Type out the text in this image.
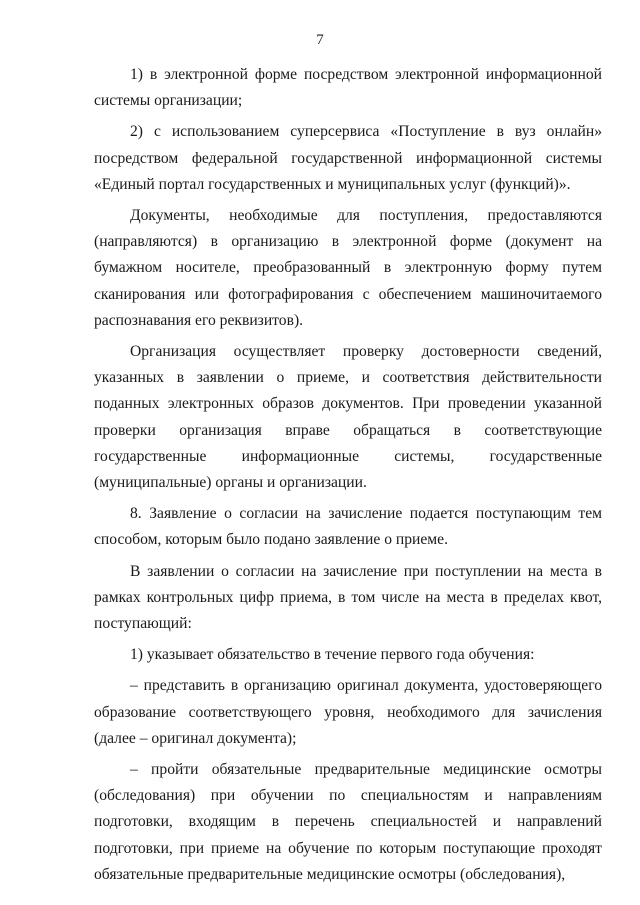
7

1) в электронной форме посредством электронной информационной системы организации;

2) с использованием суперсервиса «Поступление в вуз онлайн» посредством федеральной государственной информационной системы «Единый портал государственных и муниципальных услуг (функций)».

Документы, необходимые для поступления, предоставляются (направляются) в организацию в электронной форме (документ на бумажном носителе, преобразованный в электронную форму путем сканирования или фотографирования с обеспечением машиночитаемого распознавания его реквизитов).

Организация осуществляет проверку достоверности сведений, указанных в заявлении о приеме, и соответствия действительности поданных электронных образов документов. При проведении указанной проверки организация вправе обращаться в соответствующие государственные информационные системы, государственные (муниципальные) органы и организации.

8. Заявление о согласии на зачисление подается поступающим тем способом, которым было подано заявление о приеме.

В заявлении о согласии на зачисление при поступлении на места в рамках контрольных цифр приема, в том числе на места в пределах квот, поступающий:

1) указывает обязательство в течение первого года обучения:

– представить в организацию оригинал документа, удостоверяющего образование соответствующего уровня, необходимого для зачисления (далее – оригинал документа);

– пройти обязательные предварительные медицинские осмотры (обследования) при обучении по специальностям и направлениям подготовки, входящим в перечень специальностей и направлений подготовки, при приеме на обучение по которым поступающие проходят обязательные предварительные медицинские осмотры (обследования),
